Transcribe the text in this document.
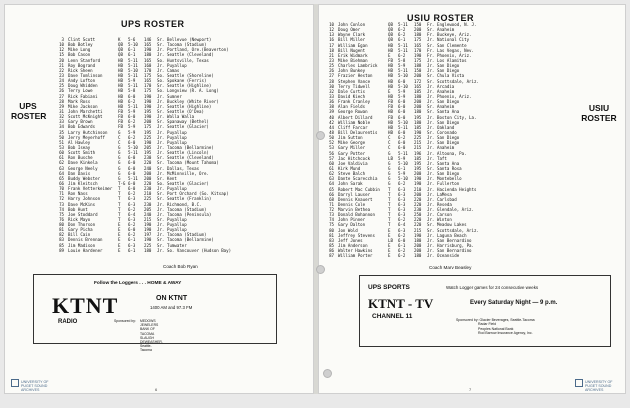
UPS ROSTER
UPS
ROSTER
3 Clint Scott	K 5-6 146 Sr. Bellevue (Newport)
10 Bob Botley	QB 5-10 165 Sr. Tacoma (Stadium)
12 Mike Long	QB 6-1 190 Jr. Portland, Ore.(Beaverton)
15 Bob Cason	QB 6-1 180 Jr. Seattle (Cleveland)
20 Lenn Stanford	HB 5-11 165 So. Huntsville, Texas
21 Roy Bogrand	HB 5-11 160 Jr. Puyallup
22 Rick Sheen	HB 5-10 170 Jr. Camas
23 Dave Tomlinson	HB 5-11 175 So. Seattle (Shoreline)
24 Andy Lofton	HB 5-9 165 So. Spokane (Ferris)
25 Doug Whidden	HB 5-11 170 Sr. Seattle (Highline)
26 Terry Lowe	HB 5-8 175 So. Longview (R. A. Long)
27 Rick Fabiani	HB 6-0 190 Jr. Sumner
28 Mark Ross	HB 6-2 190 Jr. Buckley (White River)
29 Mike Jackson	HB 5-11 190 Jr. Seattle (Highline)
31 John Marchetti	FB 5-9 195 Sr. Seattle (O'Dea)
32 Scott McKnight	FB 6-0 190 Jr. Walla Walla
33 Gary Brown	FB 6-2 200 Sr. Spanaway (Bethel)
34 Bob Edwards	FB 5-9 175 Jr. Seattle (Glacier)
35 Larry Hutchinson	G 5-9 195 Jr. Puyallup
50 Jerry Meyerhoff	C 6-2 225 Jr. Puyallup
51 Al Hawley	C 6-0 190 Jr. Puyallup
53 Bob Iseay	G 5-10 205 Jr. Tacoma (Bellarmine)
60 Scott Smith	G 5-11 195 Jr. Seattle (Lincoln)
61 Ron Busche	G 6-0 230 Sr. Seattle (Cleveland)
62 Dave Kinkela	G 6-0 220 Sr. Tacoma (Mount Tahoma)
63 George Neely	G 6-0 240 Sr. Dallas, Texas
64 Dan Davis	G 6-0 200 Jr. McMinnville, Ore.
65 Buddy Webster	G 5-11 200 Sr. Kent
66 Jim Kleitsch	T-G 6-0 220 So. Seattle (Glacier)
70 Frank Vetterkeimer T 6-0 230 Jr. Puyallup
71 Ron Nass	T 6-2 210 Sr. Port Orchard (So. Kitsap)
72 Harry Johnson	T 6-3 225 Sr. Seattle (Franklin)
73 Dave McKins	T 6-3 230 Jr. Richmond, B.C.
74 Bob Hunt	T 6-2 205 Jr. Tacoma (Stadium)
75 Joe Stoddard	T 6-4 240 Jr. Tacoma (Peninsula)
76 Rick Mayo	T 6-3 215 Sr. Puyallup
80 Don Thorson	E 6-2 190 Jr. Puyallup
81 Gary Picha	E 6-0 190 Jr. Puyallup
82 Bill Cain	E 6-2 197 Jr. Tacoma (Stadium)
83 Dennis Brennan	E 6-1 190 Sr. Tacoma (Bellarmine)
85 Jim Madison	E 6-3 225 Sr. Tumwater
89 Louie Hardener	E 6-1 180 Jr. So. Vancouver (Hudson Bay)
Coach Bob Ryan
Follow the Loggers . . . HOME & AWAY
KTNT
RADIO
ON KTNT
1400 AM and 97.3 FM
Sponsored by: MEDOWS JEWELERS
BANK OF TACOMA
SLAUGH DEWEASHER, Seattle-Tacoma
UNIVERSITY OF PUGET SOUND ARCHIVES	6
USIU ROSTER
USIU
ROSTER
10 John Conlon	QB 5-11 150 Fr. Englewood, N. J.
12 Doug Omer	QB 6-2 200 Sr. Anaheim
13 Wayne Clark	QB 6-2 180 Fr. Buckeye, Ariz.
16 Bill Miller	QB 6-1 175 Jr. National City
17 William Egan	HB 5-11 165 Sr. San Clemente
18 Bill Nugent	HB 5-11 170 Fr. Las Vegas, Nev.
21 Erik Widmark	E 6-2 190 Fr. Phoenix, Ariz.
23 Mike Biehman	FB 5-8 175 Jr. Los Alamitos
25 Charles Lambrick	HB 5-9 188 Jr. San Diego
26 John Bunkey	HB 5-11 150 Jr. San Diego
27 Frazier Heston	HB 5-10 200 Sr. Chula Vista
28 Stephen Vance	HB 6-0 172 Sr. Scottsdale, Ariz.
30 Terry Tidwell	HB 5-10 165 Jr. Arcadia
32 Dale Curtis	E 5-9 185 Jr. Anaheim
33 David Kiech	HB 5-9 180 Jr. Phoenix, Ariz.
36 Frank Cranley	FB 6-0 200 Jr. San Diego
38 Alan Fields	FB 6-0 200 Sr. Anaheim
39 George Rowan	HB 6-0 180 Sr. Santa Ana
40 Albert Dillard	FB 6-0 195 Jr. Boston City, La.
42 William Noble	HB 5-10 180 Jr. San Diego
44 Cliff Farcar	HB 5-11 185 Jr. Oakland
48 Bill Delaurentis	HB 6-0 190 Sr. Coronado
50 Jim Sutton	C 6-2 225 Jr. San Diego
52 Mike George	C 6-0 215 Jr. San Diego
53 Gary Miller	C 6-0 215 Jr. Anaheim
56 Gary Potter	G 5-11 196 Jr. Altoona, Pa.
57 Jac Hitchcock	LB 5-9 185 Jr. Taft
60 Joe Valdivia	G 5-10 195 Jr. Santa Ana
61 Kirk Mund	G 6-1 195 Sr. Santa Rosa
62 Steve Balch	G 5-9 200 Jr. San Diego
63 Dante Scarecchia	G 5-10 190 Jr. Montebello
64 John Sarak	G 6-2 190 Jr. Fullerton
65 Robert Mac Cubbin T 6-3 210 Jr. Hacienda Heights
66 Darryl Lauser	T 6-3 200 Jr. LaMesa
68 Dennis Knauert	T 6-3 220 Jr. Carlsbad
71 Dennis Cole	T 6-3 220 Jr. Reseda
72 Marvin Bethea	T 6-3 230 Jr. Glendale, Ariz.
73 Donald Bohannon	T 6-3 250 Jr. Carson
74 John Pinner	T 6-2 220 Jr. Winton
75 Gary Dalton	T 6-4 220 Sr. Meadow Lakes
80 Jon Wold	E 6-3 215 Sr. Scottsdale, Ariz.
81 Jeffrey Stevens	E 6-2 190 Jr. Laguna Beach
83 Jeff Jones	LB 6-0 180 Jr. San Bernardino
85 Jim Anderson	E 6-1 200 Jr. Harrisburg, Pa.
86 Walter Hawkins	E 6-2 200 Jr. San Bernardino
87 William Porter	E 6-2 180 Jr. Oceanside
Coach Marv Beasley
UPS SPORTS	Watch Logger games for 24 consecutive weeks
KTNT - TV
CHANNEL 11
Every Saturday Night — 9 p.m.
Sponsored by: Glacier Beverages, Seattle-Tacoma
Radar Field
Peoples National Bank
Rod Barrow Insurance Agency, Inc.
UNIVERSITY OF PUGET SOUND ARCHIVES
7
